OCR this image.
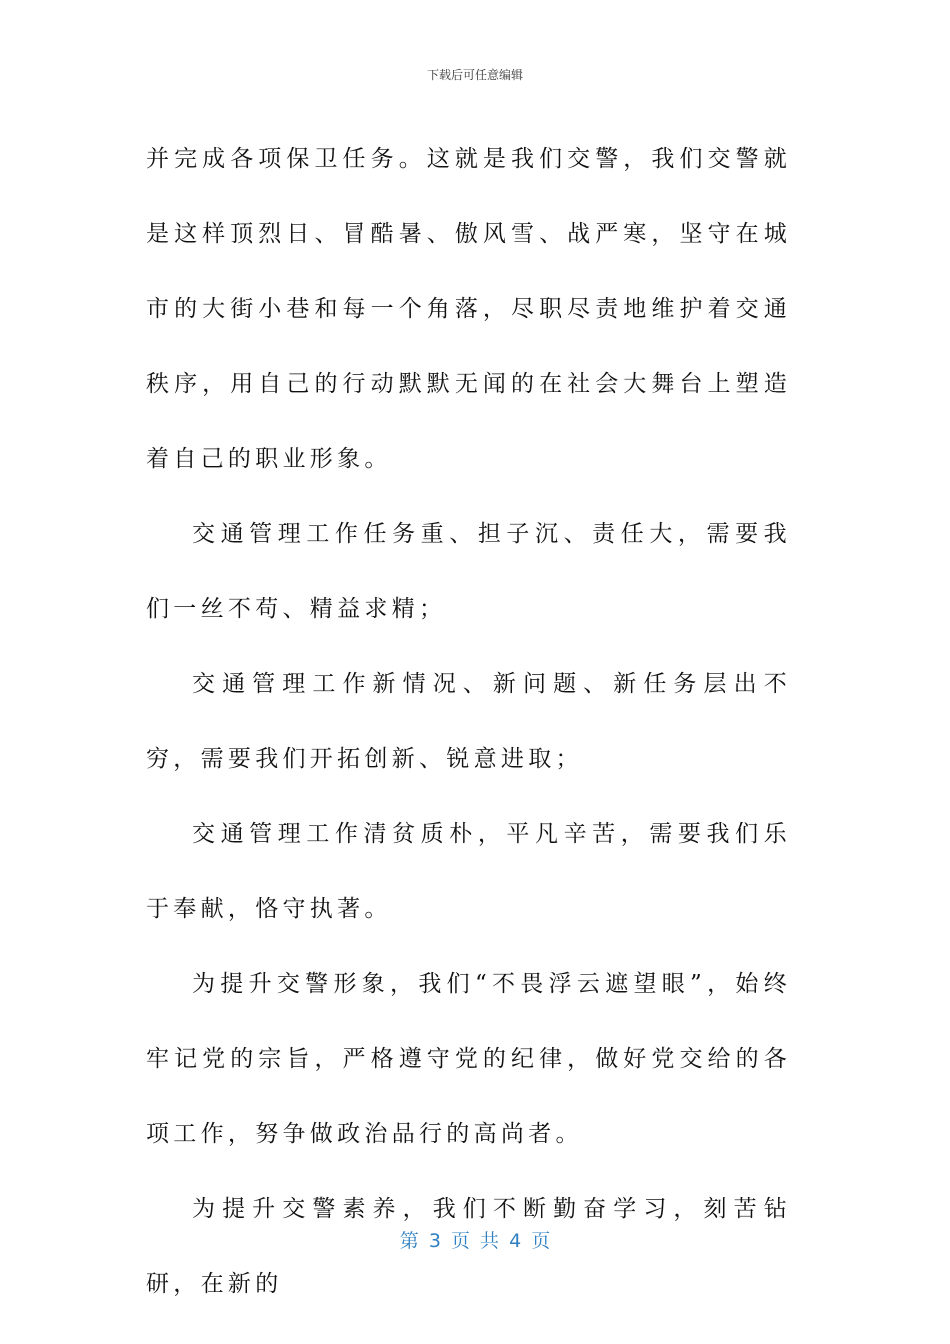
下载后可任意编辑

并完成各项保卫任务。这就是我们交警，我们交警就是这样顶烈日、冒酷暑、傲风雪、战严寒，坚守在城市的大街小巷和每一个角落，尽职尽责地维护着交通秩序，用自己的行动默默无闻的在社会大舞台上塑造着自己的职业形象。

交通管理工作任务重、担子沉、责任大，需要我们一丝不苟、精益求精；

交通管理工作新情况、新问题、新任务层出不穷，需要我们开拓创新、锐意进取；

交通管理工作清贫质朴，平凡辛苦，需要我们乐于奉献，恪守执著。

为提升交警形象，我们“不畏浮云遮望眼”，始终牢记党的宗旨，严格遵守党的纪律，做好党交给的各项工作，努争做政治品行的高尚者。

为提升交警素养，我们不断勤奋学习，刻苦钻研，在新的

第 3 页 共 4 页
